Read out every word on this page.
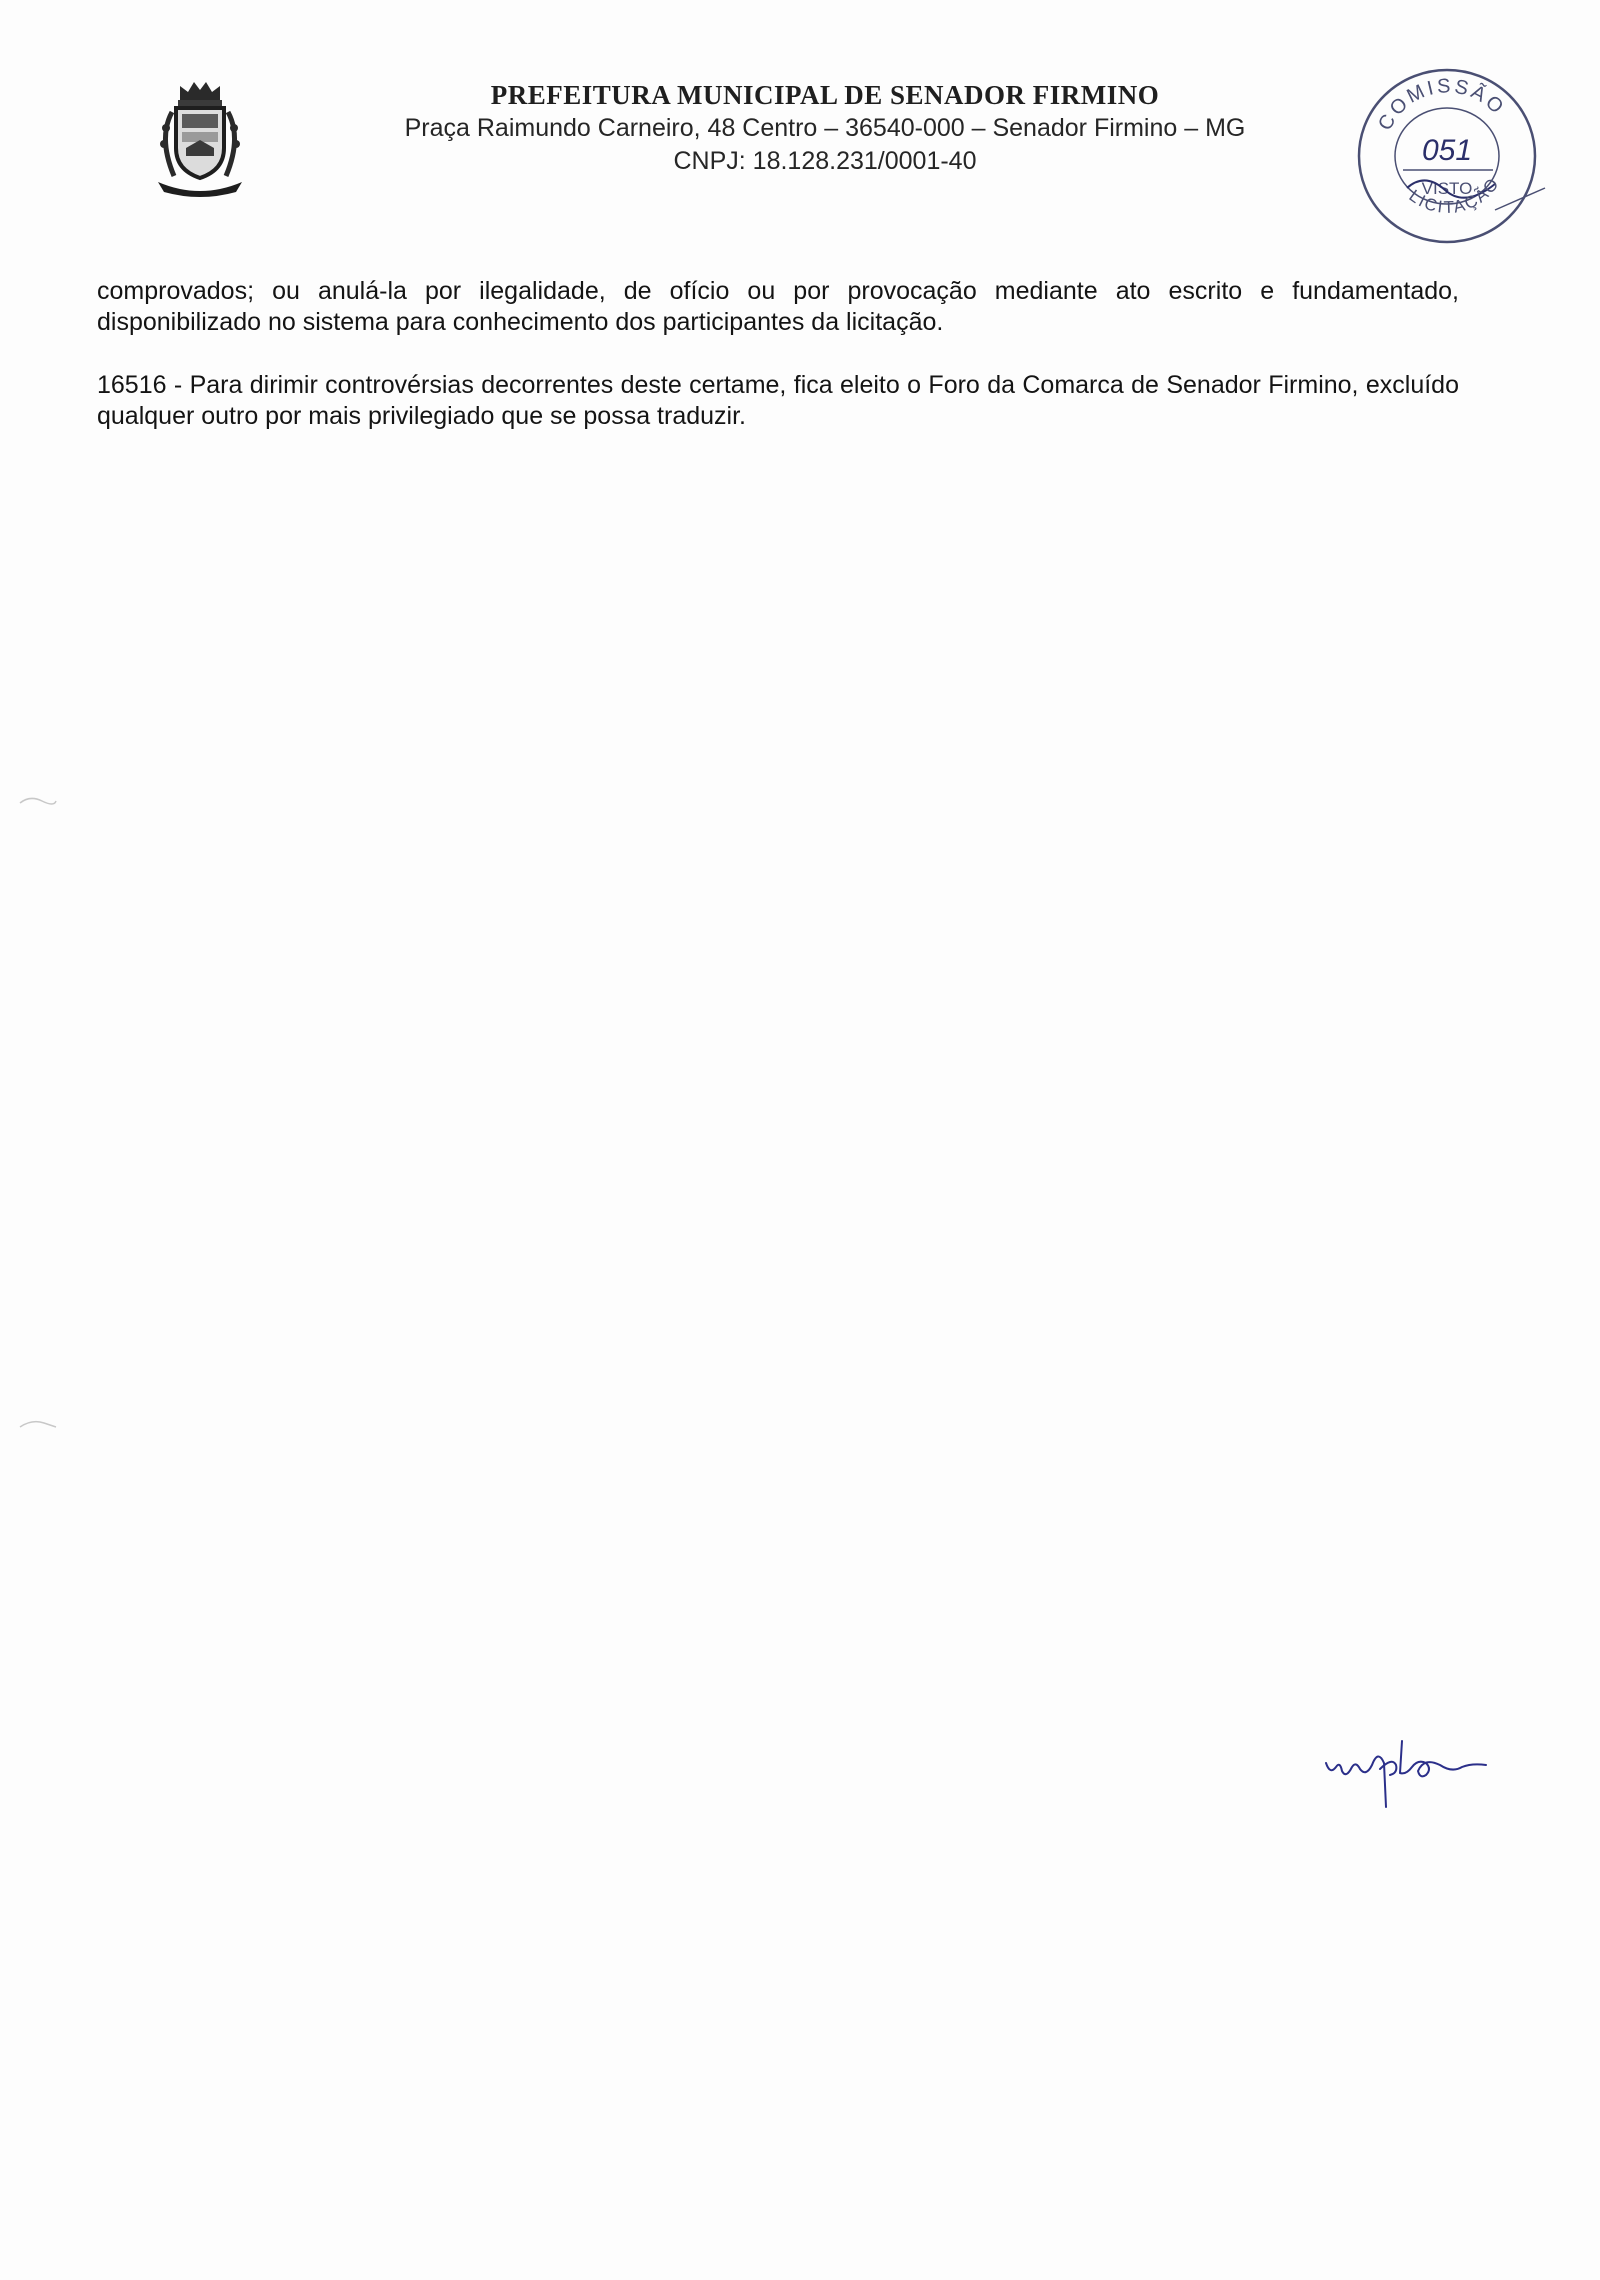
PREFEITURA MUNICIPAL DE SENADOR FIRMINO
Praça Raimundo Carneiro, 48 Centro – 36540-000 – Senador Firmino – MG
CNPJ: 18.128.231/0001-40
COMISSÃO
051
VISTO
LICITAÇÃO

comprovados; ou anulá-la por ilegalidade, de ofício ou por provocação mediante ato escrito e fundamentado, disponibilizado no sistema para conhecimento dos participantes da licitação.

16516 - Para dirimir controvérsias decorrentes deste certame, fica eleito o Foro da Comarca de Senador Firmino, excluído qualquer outro por mais privilegiado que se possa traduzir.
